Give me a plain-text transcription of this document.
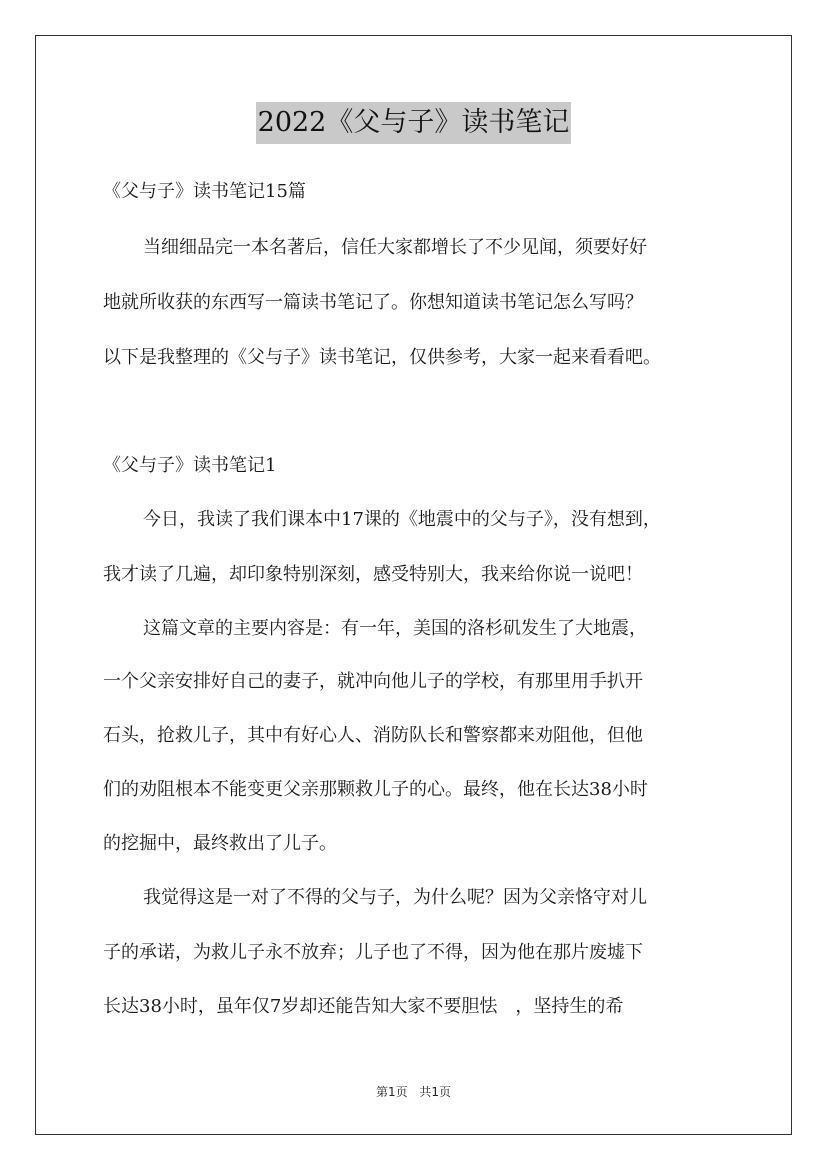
2022《父与子》读书笔记
《父与子》读书笔记15篇
当细细品完一本名著后，信任大家都增长了不少见闻，须要好好
地就所收获的东西写一篇读书笔记了。你想知道读书笔记怎么写吗？
以下是我整理的《父与子》读书笔记，仅供参考，大家一起来看看吧。
《父与子》读书笔记1
今日，我读了我们课本中17课的《地震中的父与子》，没有想到，
我才读了几遍，却印象特别深刻，感受特别大，我来给你说一说吧！
这篇文章的主要内容是：有一年，美国的洛杉矶发生了大地震，
一个父亲安排好自己的妻子，就冲向他儿子的学校，有那里用手扒开
石头，抢救儿子，其中有好心人、消防队长和警察都来劝阻他，但他
们的劝阻根本不能变更父亲那颗救儿子的心。最终，他在长达38小时
的挖掘中，最终救出了儿子。
我觉得这是一对了不得的父与子，为什么呢？因为父亲恪守对儿
子的承诺，为救儿子永不放弃；儿子也了不得，因为他在那片废墟下
长达38小时，虽年仅7岁却还能告知大家不要胆怯　，坚持生的希
第1页 共1页
